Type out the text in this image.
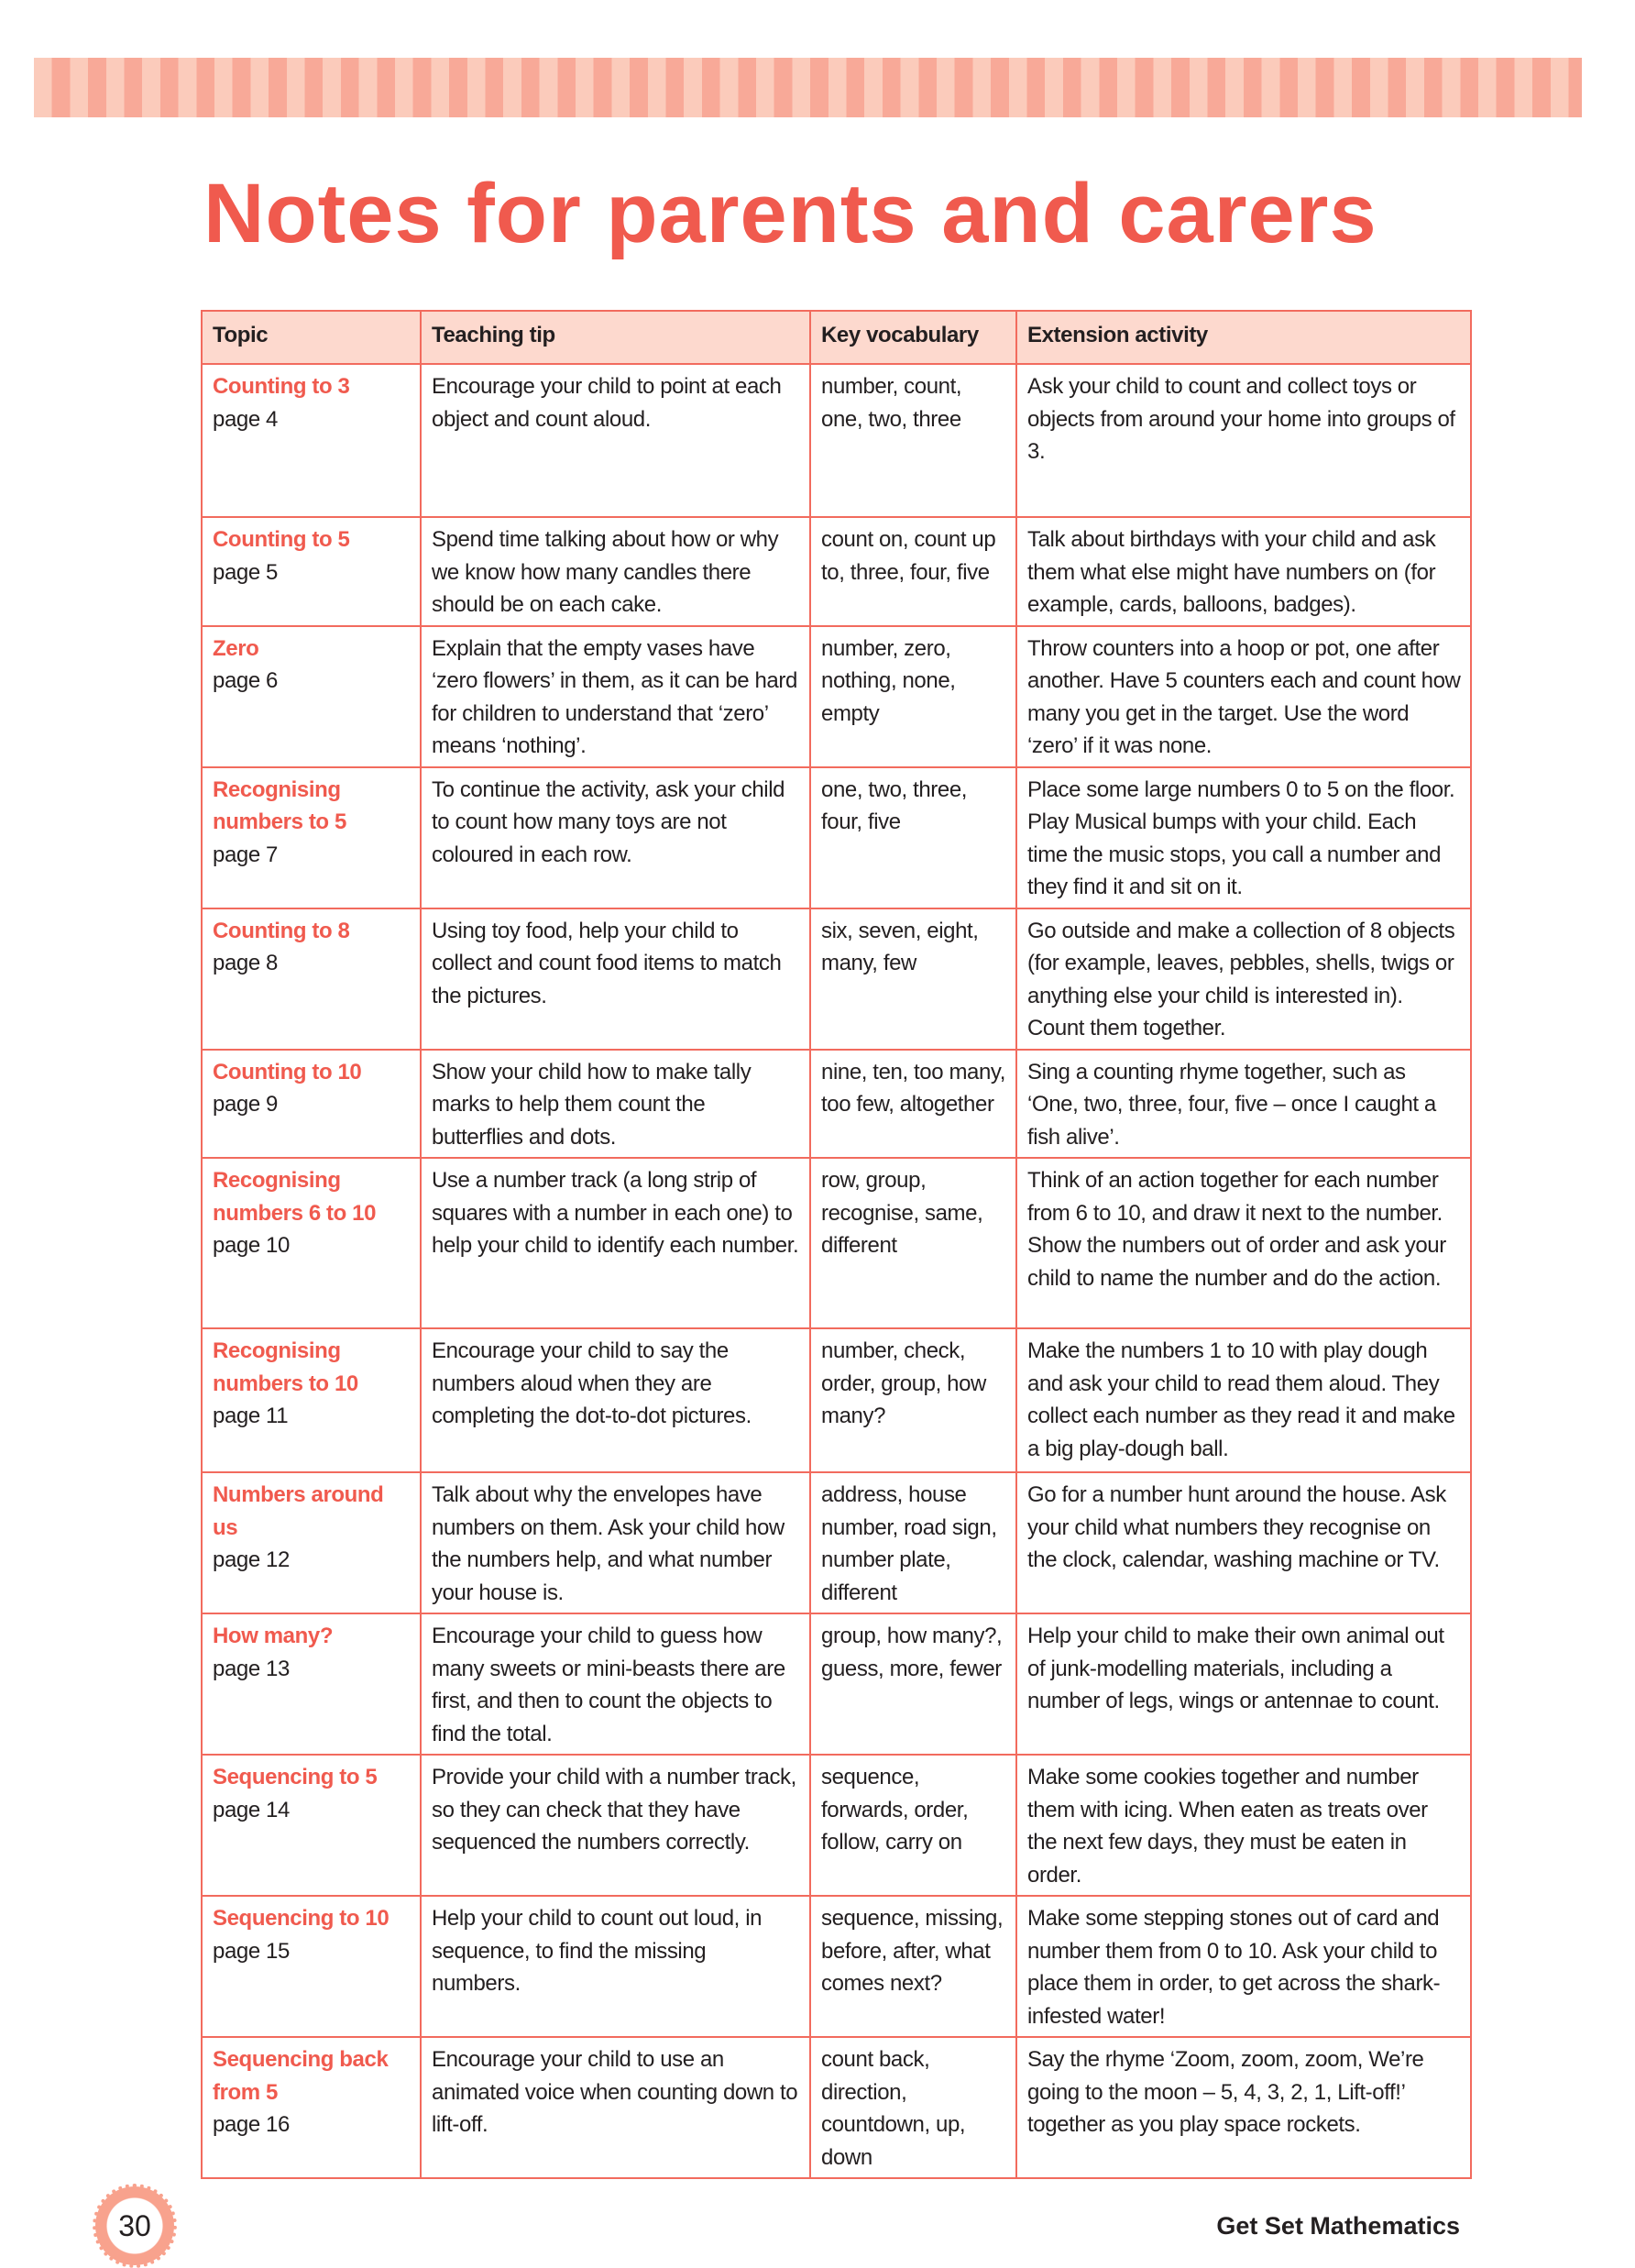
Notes for parents and carers
Topic	Teaching tip	Key vocabulary	Extension activity

Counting to 3
page 4	Encourage your child to point at each object and count aloud.	number, count, one, two, three	Ask your child to count and collect toys or objects from around your home into groups of 3.

Counting to 5
page 5	Spend time talking about how or why we know how many candles there should be on each cake.	count on, count up to, three, four, five	Talk about birthdays with your child and ask them what else might have numbers on (for example, cards, balloons, badges).

Zero
page 6	Explain that the empty vases have ‘zero flowers’ in them, as it can be hard for children to understand that ‘zero’ means ‘nothing’.	number, zero, nothing, none, empty	Throw counters into a hoop or pot, one after another. Have 5 counters each and count how many you get in the target. Use the word ‘zero’ if it was none.

Recognising numbers to 5
page 7	To continue the activity, ask your child to count how many toys are not coloured in each row.	one, two, three, four, five	Place some large numbers 0 to 5 on the floor. Play Musical bumps with your child. Each time the music stops, you call a number and they find it and sit on it.

Counting to 8
page 8	Using toy food, help your child to collect and count food items to match the pictures.	six, seven, eight, many, few	Go outside and make a collection of 8 objects (for example, leaves, pebbles, shells, twigs or anything else your child is interested in). Count them together.

Counting to 10
page 9	Show your child how to make tally marks to help them count the butterflies and dots.	nine, ten, too many, too few, altogether	Sing a counting rhyme together, such as ‘One, two, three, four, five – once I caught a fish alive’.

Recognising numbers 6 to 10
page 10	Use a number track (a long strip of squares with a number in each one) to help your child to identify each number.	row, group, recognise, same, different	Think of an action together for each number from 6 to 10, and draw it next to the number. Show the numbers out of order and ask your child to name the number and do the action.

Recognising numbers to 10
page 11	Encourage your child to say the numbers aloud when they are completing the dot-to-dot pictures.	number, check, order, group, how many?	Make the numbers 1 to 10 with play dough and ask your child to read them aloud. They collect each number as they read it and make a big play-dough ball.

Numbers around us
page 12	Talk about why the envelopes have numbers on them. Ask your child how the numbers help, and what number your house is.	address, house number, road sign, number plate, different	Go for a number hunt around the house. Ask your child what numbers they recognise on the clock, calendar, washing machine or TV.

How many?
page 13	Encourage your child to guess how many sweets or mini-beasts there are first, and then to count the objects to find the total.	group, how many?, guess, more, fewer	Help your child to make their own animal out of junk-modelling materials, including a number of legs, wings or antennae to count.

Sequencing to 5
page 14	Provide your child with a number track, so they can check that they have sequenced the numbers correctly.	sequence, forwards, order, follow, carry on	Make some cookies together and number them with icing. When eaten as treats over the next few days, they must be eaten in order.

Sequencing to 10
page 15	Help your child to count out loud, in sequence, to find the missing numbers.	sequence, missing, before, after, what comes next?	Make some stepping stones out of card and number them from 0 to 10. Ask your child to place them in order, to get across the shark-infested water!

Sequencing back from 5
page 16	Encourage your child to use an animated voice when counting down to lift-off.	count back, direction, countdown, up, down	Say the rhyme ‘Zoom, zoom, zoom, We’re going to the moon – 5, 4, 3, 2, 1, Lift-off!’ together as you play space rockets.
30	Get Set Mathematics
